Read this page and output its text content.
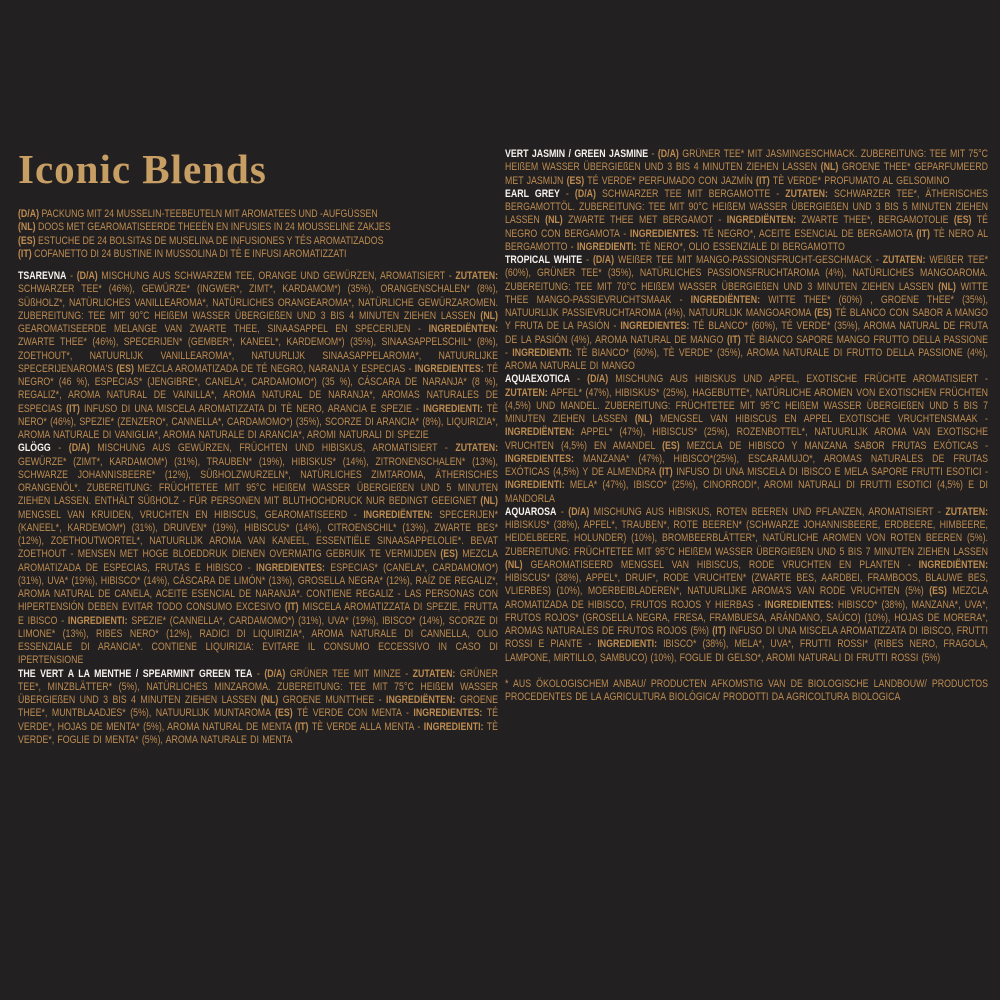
Iconic Blends
(D/A) PACKUNG MIT 24 MUSSELIN-TEEBEUTELN MIT AROMATEES UND -AUFGÜSSEN
(NL) DOOS MET GEAROMATISEERDE THEEËN EN INFUSIES IN 24 MOUSSELINE ZAKJES
(ES) ESTUCHE DE 24 BOLSITAS DE MUSELINA DE INFUSIONES Y TÉS AROMATIZADOS
(IT) COFANETTO DI 24 BUSTINE IN MUSSOLINA DI TÈ E INFUSI AROMATIZZATI

TSAREVNA - (D/A) MISCHUNG AUS SCHWARZEM TEE, ORANGE UND GEWÜRZEN, AROMATISIERT - ZUTATEN: SCHWARZER TEE* (46%), GEWÜRZE* (INGWER*, ZIMT*, KARDAMOM*) (35%), ORANGENSCHALEN* (8%), SÜßHOLZ*, NATÜRLICHES VANILLEAROMA*, NATÜRLICHES ORANGEAROMA*, NATÜRLICHE GEWÜRZAROMEN. ZUBEREITUNG: TEE MIT 90°C HEIßEM WASSER ÜBERGIEßEN UND 3 BIS 4 MINUTEN ZIEHEN LASSEN (NL) GEAROMATISEERDE MELANGE VAN ZWARTE THEE, SINAASAPPEL EN SPECERIJEN - INGREDIËNTEN: ZWARTE THEE* (46%), SPECERIJEN* (GEMBER*, KANEEL*, KARDEMOM*) (35%), SINAASAPPELSCHIL* (8%), ZOETHOUT*, NATUURLIJK VANILLEAROMA*, NATUURLIJK SINAASAPPELAROMA*, NATUURLIJKE SPECERIJENAROMA'S (ES) MEZCLA AROMATIZADA DE TÉ NEGRO, NARANJA Y ESPECIAS - INGREDIENTES: TÉ NEGRO* (46 %), ESPECIAS* (JENGIBRE*, CANELA*, CARDAMOMO*) (35 %), CÁSCARA DE NARANJA* (8 %), REGALIZ*, AROMA NATURAL DE VAINILLA*, AROMA NATURAL DE NARANJA*, AROMAS NATURALES DE ESPECIAS (IT) INFUSO DI UNA MISCELA AROMATIZZATA DI TÈ NERO, ARANCIA E SPEZIE - INGREDIENTI: TÈ NERO* (46%), SPEZIE* (ZENZERO*, CANNELLA*, CARDAMOMO*) (35%), SCORZE DI ARANCIA* (8%), LIQUIRIZIA*, AROMA NATURALE DI VANIGLIA*, AROMA NATURALE DI ARANCIA*, AROMI NATURALI DI SPEZIE

GLÖGG - (D/A) MISCHUNG AUS GEWÜRZEN, FRÜCHTEN UND HIBISKUS, AROMATISIERT - ZUTATEN: GEWÜRZE* (ZIMT*, KARDAMOM*) (31%), TRAUBEN* (19%), HIBISKUS* (14%), ZITRONENSCHALEN* (13%), SCHWARZE JOHANNISBEERE* (12%), SÜßHOLZWURZELN*, NATÜRLICHES ZIMTAROMA, ÄTHERISCHES ORANGENÖL*. ZUBEREITUNG: FRÜCHTETEE MIT 95°C HEIßEM WASSER ÜBERGIEßEN UND 5 MINUTEN ZIEHEN LASSEN. ENTHÄLT SÜßHOLZ - FÜR PERSONEN MIT BLUTHOCHDRUCK NUR BEDINGT GEEIGNET (NL) MENGSEL VAN KRUIDEN, VRUCHTEN EN HIBISCUS, GEAROMATISEERD - INGREDIËNTEN: SPECERIJEN* (KANEEL*, KARDEMOM*) (31%), DRUIVEN* (19%), HIBISCUS* (14%), CITROENSCHIL* (13%), ZWARTE BES* (12%), ZOETHOUTWORTEL*, NATUURLIJK AROMA VAN KANEEL, ESSENTIËLE SINAASAPPELOLIE*. BEVAT ZOETHOUT - MENSEN MET HOGE BLOEDDRUK DIENEN OVERMATIG GEBRUIK TE VERMIJDEN (ES) MEZCLA AROMATIZADA DE ESPECIAS, FRUTAS E HIBISCO - INGREDIENTES: ESPECIAS* (CANELA*, CARDAMOMO*) (31%), UVA* (19%), HIBISCO* (14%), CÁSCARA DE LIMÓN* (13%), GROSELLA NEGRA* (12%), RAÍZ DE REGALIZ*, AROMA NATURAL DE CANELA, ACEITE ESENCIAL DE NARANJA*. CONTIENE REGALIZ - LAS PERSONAS CON HIPERTENSIÓN DEBEN EVITAR TODO CONSUMO EXCESIVO (IT) MISCELA AROMATIZZATA DI SPEZIE, FRUTTA E IBISCO - INGREDIENTI: SPEZIE* (CANNELLA*, CARDAMOMO*) (31%), UVA* (19%), IBISCO* (14%), SCORZE DI LIMONE* (13%), RIBES NERO* (12%), RADICI DI LIQUIRIZIA*, AROMA NATURALE DI CANNELLA, OLIO ESSENZIALE DI ARANCIA*. CONTIENE LIQUIRIZIA: EVITARE IL CONSUMO ECCESSIVO IN CASO DI IPERTENSIONE

THE VERT A LA MENTHE / SPEARMINT GREEN TEA - (D/A) GRÜNER TEE MIT MINZE - ZUTATEN: GRÜNER TEE*, MINZBLÄTTER* (5%), NATÜRLICHES MINZAROMA. ZUBEREITUNG: TEE MIT 75°C HEIßEM WASSER ÜBERGIEßEN UND 3 BIS 4 MINUTEN ZIEHEN LASSEN (NL) GROENE MUNTTHEE - INGREDIËNTEN: GROENE THEE*, MUNTBLAADJES* (5%), NATUURLIJK MUNTAROMA (ES) TÉ VERDE CON MENTA - INGREDIENTES: TÉ VERDE*, HOJAS DE MENTA* (5%), AROMA NATURAL DE MENTA (IT) TÈ VERDE ALLA MENTA - INGREDIENTI: TÈ VERDE*, FOGLIE DI MENTA* (5%), AROMA NATURALE DI MENTA

VERT JASMIN / GREEN JASMINE - (D/A) GRÜNER TEE* MIT JASMINGESCHMACK. ZUBEREITUNG: TEE MIT 75°C HEIßEM WASSER ÜBERGIEßEN UND 3 BIS 4 MINUTEN ZIEHEN LASSEN (NL) GROENE THEE* GEPARFUMEERD MET JASMIJN (ES) TÉ VERDE* PERFUMADO CON JAZMÍN (IT) TÈ VERDE* PROFUMATO AL GELSOMINO

EARL GREY - (D/A) SCHWARZER TEE MIT BERGAMOTTE - ZUTATEN: SCHWARZER TEE*, ÄTHERISCHES BERGAMOTTÖL. ZUBEREITUNG: TEE MIT 90°C HEIßEM WASSER ÜBERGIEßEN UND 3 BIS 5 MINUTEN ZIEHEN LASSEN (NL) ZWARTE THEE MET BERGAMOT - INGREDIËNTEN: ZWARTE THEE*, BERGAMOTOLIE (ES) TÉ NEGRO CON BERGAMOTA - INGREDIENTES: TÉ NEGRO*, ACEITE ESENCIAL DE BERGAMOTA (IT) TÈ NERO AL BERGAMOTTO - INGREDIENTI: TÈ NERO*, OLIO ESSENZIALE DI BERGAMOTTO

TROPICAL WHITE - (D/A) WEIßER TEE MIT MANGO-PASSIONSFRUCHT-GESCHMACK - ZUTATEN: WEIßER TEE* (60%), GRÜNER TEE* (35%), NATÜRLICHES PASSIONSFRUCHTAROMA (4%), NATÜRLICHES MANGOAROMA. ZUBEREITUNG: TEE MIT 70°C HEIßEM WASSER ÜBERGIEßEN UND 3 MINUTEN ZIEHEN LASSEN (NL) WITTE THEE MANGO-PASSIEVRUCHTSMAAK - INGREDIËNTEN: WITTE THEE* (60%) , GROENE THEE* (35%), NATUURLIJK PASSIEVRUCHTAROMA (4%), NATUURLIJK MANGOAROMA (ES) TÉ BLANCO CON SABOR A MANGO Y FRUTA DE LA PASIÓN - INGREDIENTES: TÉ BLANCO* (60%), TÉ VERDE* (35%), AROMA NATURAL DE FRUTA DE LA PASIÓN (4%), AROMA NATURAL DE MANGO (IT) TÈ BIANCO SAPORE MANGO FRUTTO DELLA PASSIONE - INGREDIENTI: TÈ BIANCO* (60%), TÈ VERDE* (35%), AROMA NATURALE DI FRUTTO DELLA PASSIONE (4%), AROMA NATURALE DI MANGO

AQUAEXOTICA - (D/A) MISCHUNG AUS HIBISKUS UND APFEL, EXOTISCHE FRÜCHTE AROMATISIERT - ZUTATEN: APFEL* (47%), HIBISKUS* (25%), HAGEBUTTE*, NATÜRLICHE AROMEN VON EXOTISCHEN FRÜCHTEN (4,5%) UND MANDEL. ZUBEREITUNG: FRÜCHTETEE MIT 95°C HEIßEM WASSER ÜBERGIEßEN UND 5 BIS 7 MINUTEN ZIEHEN LASSEN (NL) MENGSEL VAN HIBISCUS EN APPEL EXOTISCHE VRUCHTENSMAAK - INGREDIËNTEN: APPEL* (47%), HIBISCUS* (25%), ROZENBOTTEL*, NATUURLIJK AROMA VAN EXOTISCHE VRUCHTEN (4,5%) EN AMANDEL (ES) MEZCLA DE HIBISCO Y MANZANA SABOR FRUTAS EXÓTICAS - INGREDIENTES: MANZANA* (47%), HIBISCO*(25%), ESCARAMUJO*, AROMAS NATURALES DE FRUTAS EXÓTICAS (4,5%) Y DE ALMENDRA (IT) INFUSO DI UNA MISCELA DI IBISCO E MELA SAPORE FRUTTI ESOTICI - INGREDIENTI: MELA* (47%), IBISCO* (25%), CINORRODI*, AROMI NATURALI DI FRUTTI ESOTICI (4,5%) E DI MANDORLA

AQUAROSA - (D/A) MISCHUNG AUS HIBISKUS, ROTEN BEEREN UND PFLANZEN, AROMATISIERT - ZUTATEN: HIBISKUS* (38%), APFEL*, TRAUBEN*, ROTE BEEREN* (SCHWARZE JOHANNISBEERE, ERDBEERE, HIMBEERE, HEIDELBEERE, HOLUNDER) (10%), BROMBEERBLÄTTER*, NATÜRLICHE AROMEN VON ROTEN BEEREN (5%). ZUBEREITUNG: FRÜCHTETEE MIT 95°C HEIßEM WASSER ÜBERGIEßEN UND 5 BIS 7 MINUTEN ZIEHEN LASSEN (NL) GEAROMATISEERD MENGSEL VAN HIBISCUS, RODE VRUCHTEN EN PLANTEN - INGREDIËNTEN: HIBISCUS* (38%), APPEL*, DRUIF*, RODE VRUCHTEN* (ZWARTE BES, AARDBEI, FRAMBOOS, BLAUWE BES, VLIERBES) (10%), MOERBEIBLADEREN*, NATUURLIJKE AROMA'S VAN RODE VRUCHTEN (5%) (ES) MEZCLA AROMATIZADA DE HIBISCO, FRUTOS ROJOS Y HIERBAS - INGREDIENTES: HIBISCO* (38%), MANZANA*, UVA*, FRUTOS ROJOS* (GROSELLA NEGRA, FRESA, FRAMBUESA, ARÁNDANO, SAÚCO) (10%), HOJAS DE MORERA*, AROMAS NATURALES DE FRUTOS ROJOS (5%) (IT) INFUSO DI UNA MISCELA AROMATIZZATA DI IBISCO, FRUTTI ROSSI E PIANTE - INGREDIENTI: IBISCO* (38%), MELA*, UVA*, FRUTTI ROSSI* (RIBES NERO, FRAGOLA, LAMPONE, MIRTILLO, SAMBUCO) (10%), FOGLIE DI GELSO*, AROMI NATURALI DI FRUTTI ROSSI (5%)

* AUS ÖKOLOGISCHEM ANBAU/ PRODUCTEN AFKOMSTIG VAN DE BIOLOGISCHE LANDBOUW/ PRODUCTOS PROCEDENTES DE LA AGRICULTURA BIOLÓGICA/ PRODOTTI DA AGRICOLTURA BIOLOGICA
